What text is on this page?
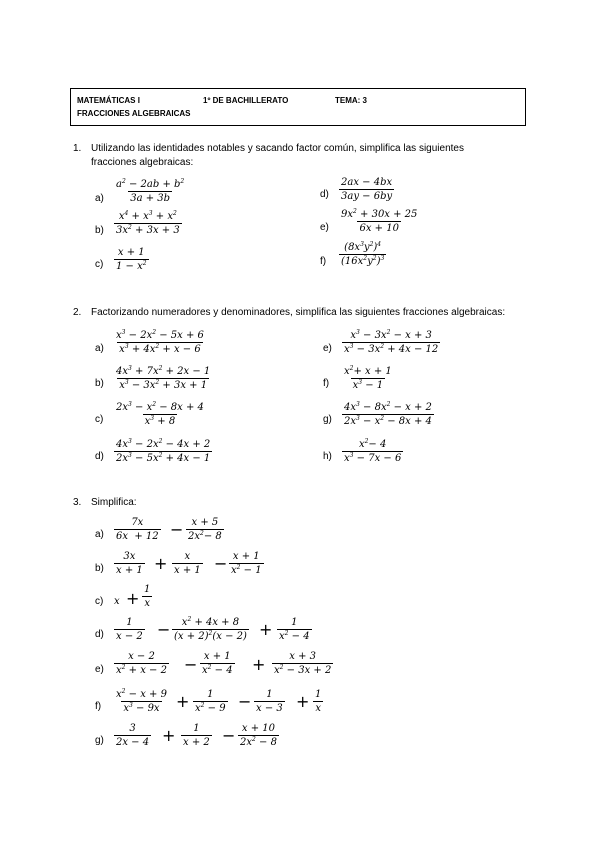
MATEMÁTICAS I	1º DE BACHILLERATO	TEMA: 3
FRACCIONES ALGEBRAICAS
1. Utilizando las identidades notables y sacando factor común, simplifica las siguientes
fracciones algebraicas:
$a) \frac{a^2 - 2ab + b^2}{3a + 3b}$
$b) \frac{x^4 + x^3 + x^2}{3x^2 + 3x + 3}$
$c) \frac{x + 1}{1 - x^2}$
$d) \frac{2ax - 4bx}{3ay - 6by}$
$e) \frac{9x^2 + 30x + 25}{6x + 10}$
$f) \frac{(8x^3y^2)^4}{(16x^2y^2)^3}$
2. Factorizando numeradores y denominadores, simplifica las siguientes fracciones algebraicas:
$a) \frac{x^3 - 2x^2 - 5x + 6}{x^3 + 4x^2 + x - 6}$
$b) \frac{4x^3 + 7x^2 + 2x - 1}{x^3 - 3x^2 + 3x + 1}$
$c) \frac{2x^3 - x^2 - 8x + 4}{x^3 + 8}$
$d) \frac{4x^3 - 2x^2 - 4x + 2}{2x^3 - 5x^2 + 4x - 1}$
$e) \frac{x^3 - 3x^2 - x + 3}{x^3 - 3x^2 + 4x - 12}$
$f) \frac{x^2+ x + 1}{x^3 - 1}$
$g) \frac{4x^3 - 8x^2 - x + 2}{2x^3 - x^2 - 8x + 4}$
$h) \frac{x^2- 4}{x^3 - 7x - 6}$
3. Simplifica:
$a) \frac{7x}{6x + 12} - \frac{x + 5}{2x^2- 8}$
$b) \frac{3x}{x + 1} + \frac{x}{x + 1} - \frac{x + 1}{x^2 - 1}$
c) $x + \frac{1}{x}$
$d) \frac{1}{x - 2} - \frac{x^2 + 4x + 8}{(x + 2)^2(x - 2)} + \frac{1}{x^2 - 4}$
$e) \frac{x - 2}{x^2 + x - 2} - \frac{x + 1}{x^2 - 4} + \frac{x + 3}{x^2 - 3x + 2}$
$f) \frac{x^2 - x + 9}{x^3 - 9x} + \frac{1}{x^2 - 9} - \frac{1}{x - 3} + \frac{1}{x}$
$g) \frac{3}{2x - 4} + \frac{1}{x + 2} - \frac{x + 10}{2x^2 - 8}$
